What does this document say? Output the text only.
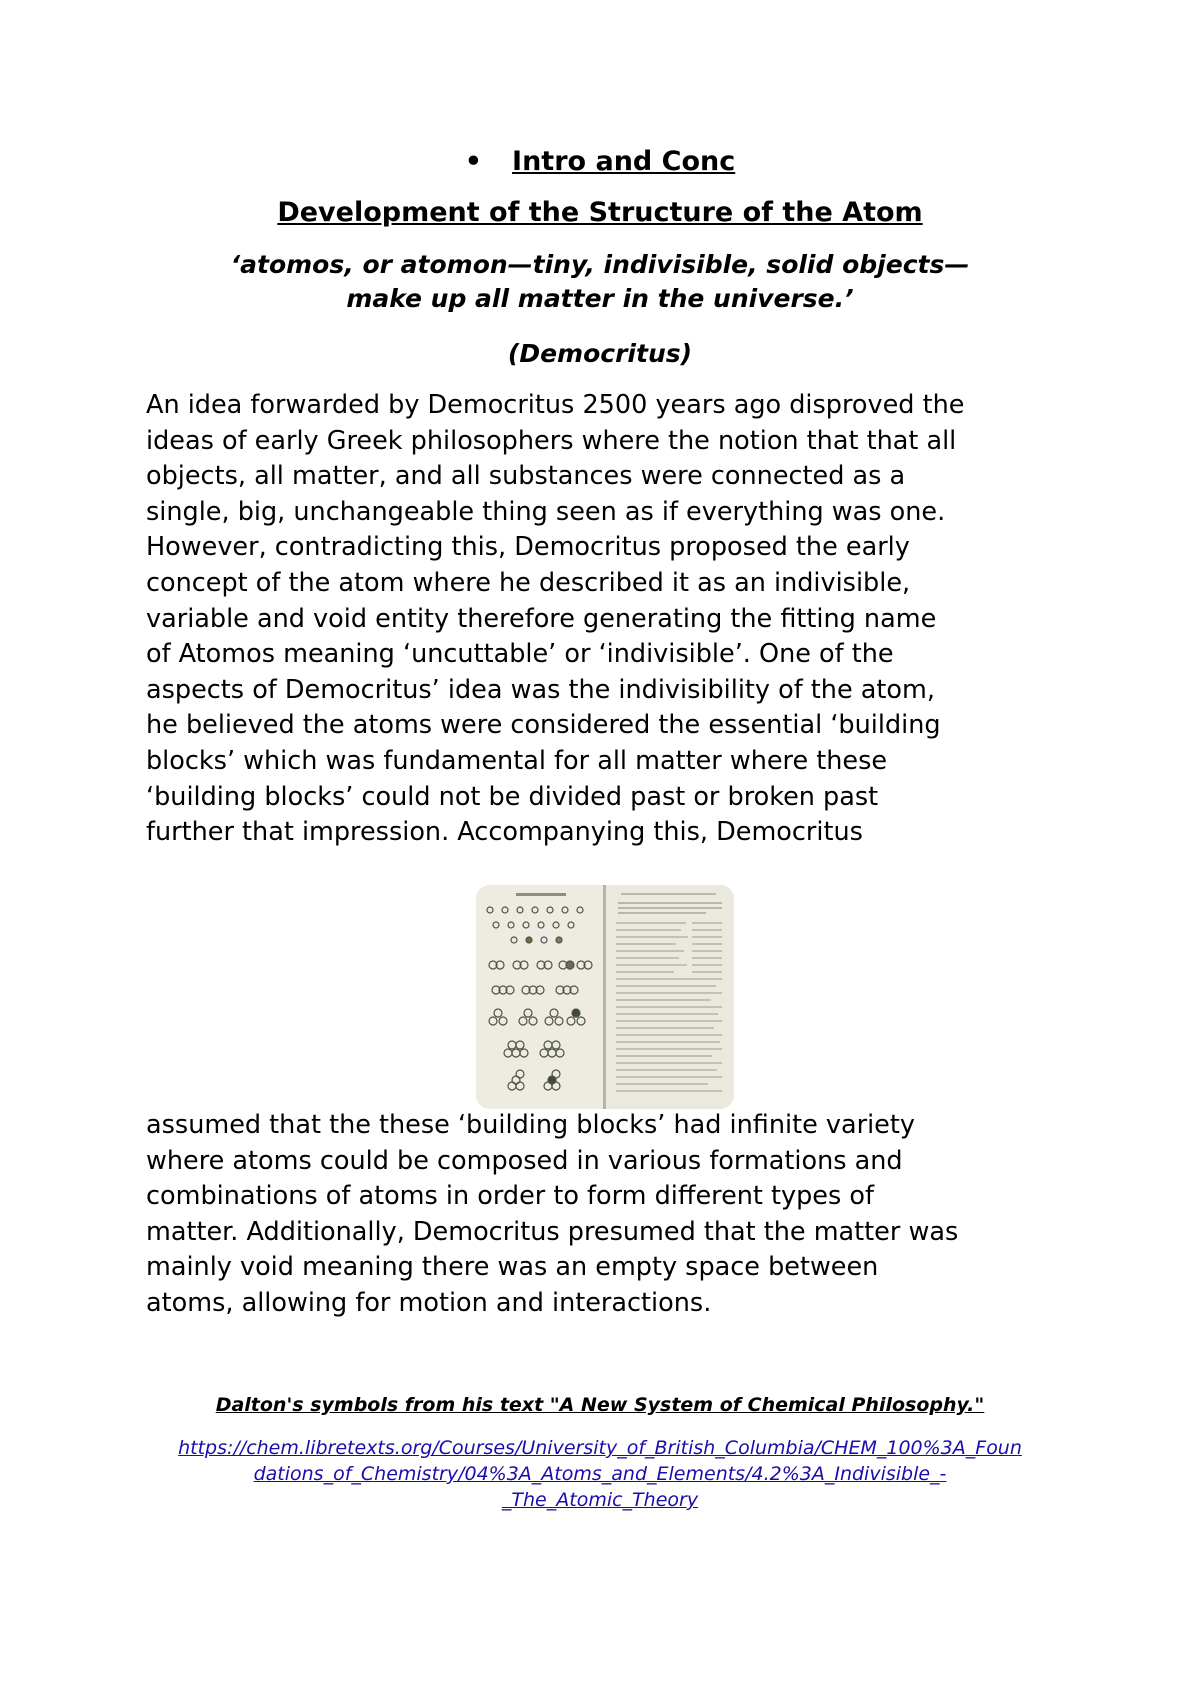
• Intro and Conc
Development of the Structure of the Atom
‘atomos, or atomon—tiny, indivisible, solid objects—
make up all matter in the universe.’
(Democritus)

An idea forwarded by Democritus 2500 years ago disproved the
ideas of early Greek philosophers where the notion that that all
objects, all matter, and all substances were connected as a
single, big, unchangeable thing seen as if everything was one.
However, contradicting this, Democritus proposed the early
concept of the atom where he described it as an indivisible,
variable and void entity therefore generating the fitting name
of Atomos meaning ‘uncuttable’ or ‘indivisible’. One of the
aspects of Democritus’ idea was the indivisibility of the atom,
he believed the atoms were considered the essential ‘building
blocks’ which was fundamental for all matter where these
‘building blocks’ could not be divided past or broken past
further that impression. Accompanying this, Democritus

assumed that the these ‘building blocks’ had infinite variety
where atoms could be composed in various formations and
combinations of atoms in order to form different types of
matter. Additionally, Democritus presumed that the matter was
mainly void meaning there was an empty space between
atoms, allowing for motion and interactions.

Dalton's symbols from his text "A New System of Chemical Philosophy."
https://chem.libretexts.org/Courses/University_of_British_Columbia/CHEM_100%3A_Foun
dations_of_Chemistry/04%3A_Atoms_and_Elements/4.2%3A_Indivisible_-
_The_Atomic_Theory
